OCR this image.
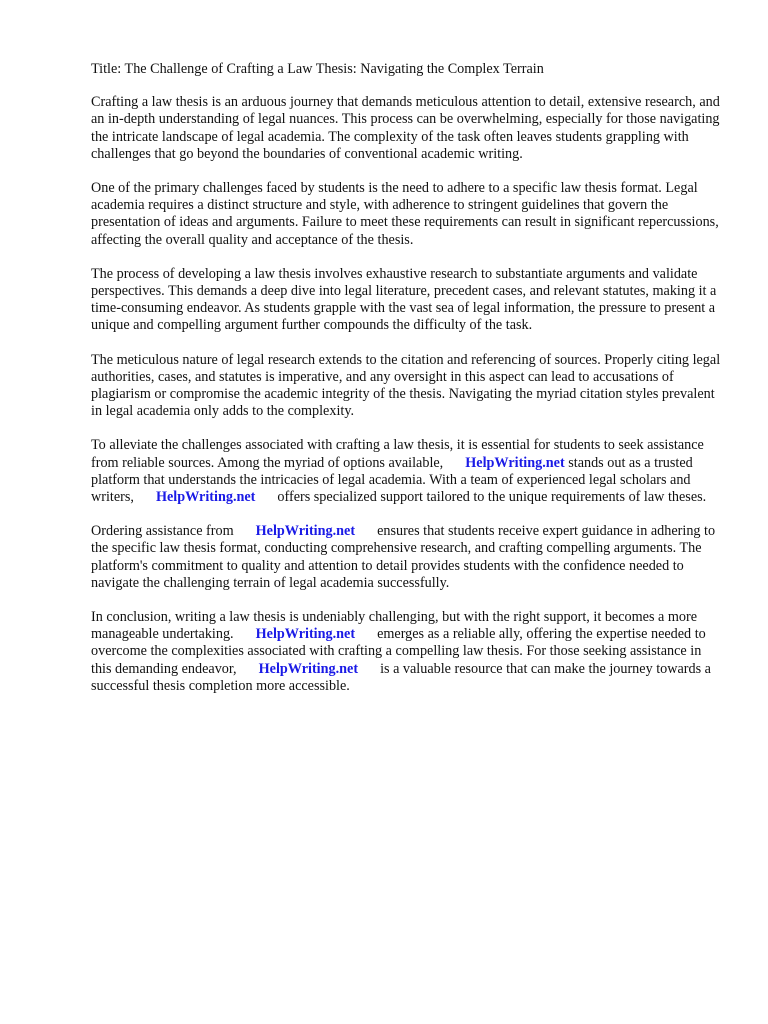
Title: The Challenge of Crafting a Law Thesis: Navigating the Complex Terrain

Crafting a law thesis is an arduous journey that demands meticulous attention to detail, extensive research, and an in-depth understanding of legal nuances. This process can be overwhelming, especially for those navigating the intricate landscape of legal academia. The complexity of the task often leaves students grappling with challenges that go beyond the boundaries of conventional academic writing.

One of the primary challenges faced by students is the need to adhere to a specific law thesis format. Legal academia requires a distinct structure and style, with adherence to stringent guidelines that govern the presentation of ideas and arguments. Failure to meet these requirements can result in significant repercussions, affecting the overall quality and acceptance of the thesis.

The process of developing a law thesis involves exhaustive research to substantiate arguments and validate perspectives. This demands a deep dive into legal literature, precedent cases, and relevant statutes, making it a time-consuming endeavor. As students grapple with the vast sea of legal information, the pressure to present a unique and compelling argument further compounds the difficulty of the task.

The meticulous nature of legal research extends to the citation and referencing of sources. Properly citing legal authorities, cases, and statutes is imperative, and any oversight in this aspect can lead to accusations of plagiarism or compromise the academic integrity of the thesis. Navigating the myriad citation styles prevalent in legal academia only adds to the complexity.

To alleviate the challenges associated with crafting a law thesis, it is essential for students to seek assistance from reliable sources. Among the myriad of options available, HelpWriting.net stands out as a trusted platform that understands the intricacies of legal academia. With a team of experienced legal scholars and writers, HelpWriting.net offers specialized support tailored to the unique requirements of law theses.

Ordering assistance from HelpWriting.net ensures that students receive expert guidance in adhering to the specific law thesis format, conducting comprehensive research, and crafting compelling arguments. The platform's commitment to quality and attention to detail provides students with the confidence needed to navigate the challenging terrain of legal academia successfully.

In conclusion, writing a law thesis is undeniably challenging, but with the right support, it becomes a more manageable undertaking. HelpWriting.net emerges as a reliable ally, offering the expertise needed to overcome the complexities associated with crafting a compelling law thesis. For those seeking assistance in this demanding endeavor, HelpWriting.net is a valuable resource that can make the journey towards a successful thesis completion more accessible.
